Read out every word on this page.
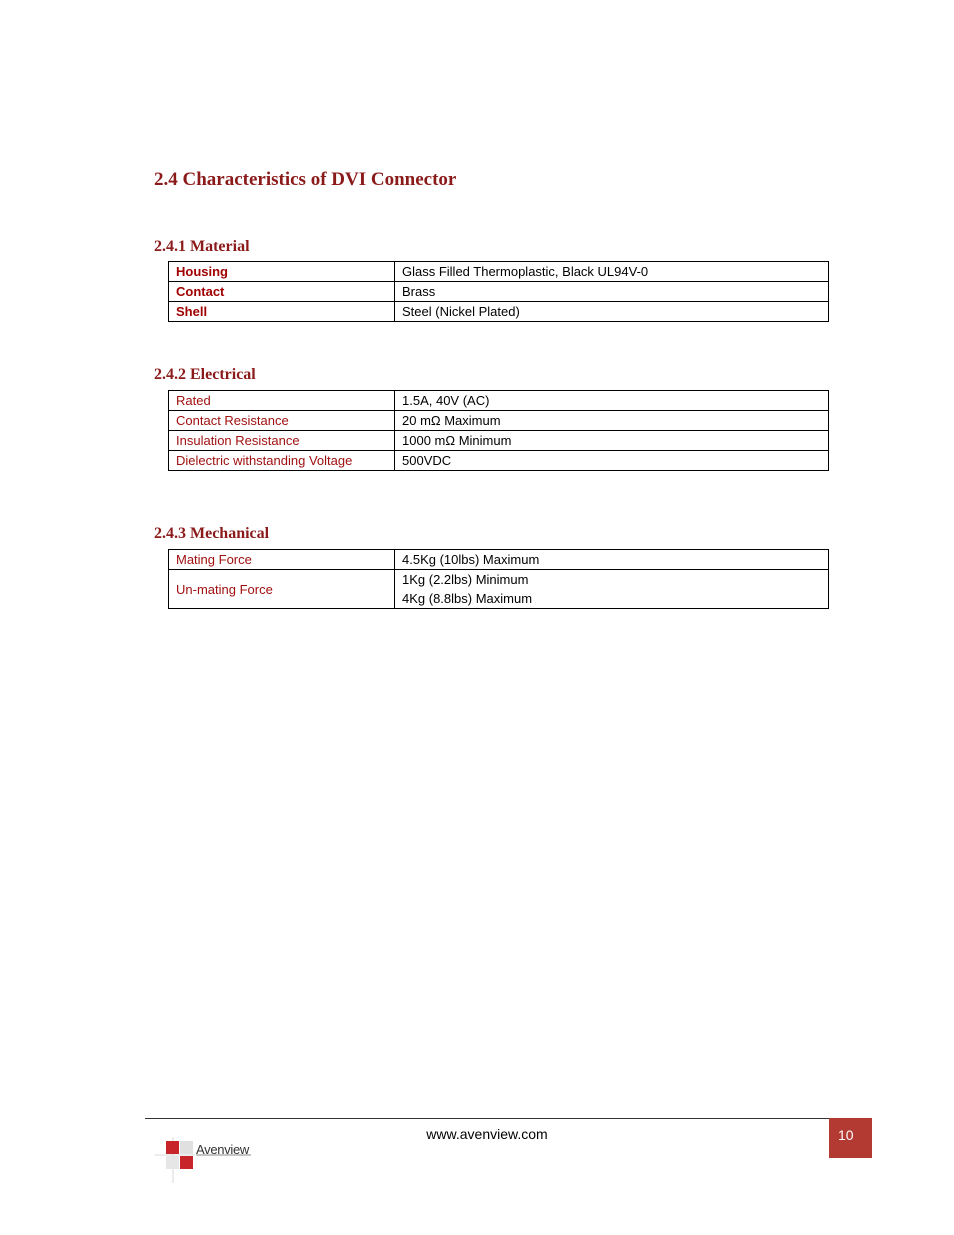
2.4 Characteristics of DVI Connector
2.4.1 Material
Housing	Glass Filled Thermoplastic, Black UL94V-0
Contact	Brass
Shell	Steel (Nickel Plated)
2.4.2 Electrical
Rated	1.5A, 40V (AC)
Contact Resistance	20 mΩ Maximum
Insulation Resistance	1000 mΩ Minimum
Dielectric withstanding Voltage	500VDC
2.4.3 Mechanical
Mating Force	4.5Kg (10lbs) Maximum
Un-mating Force	1Kg (2.2lbs) Minimum
4Kg (8.8lbs) Maximum
www.avenview.com	10
Avenview
